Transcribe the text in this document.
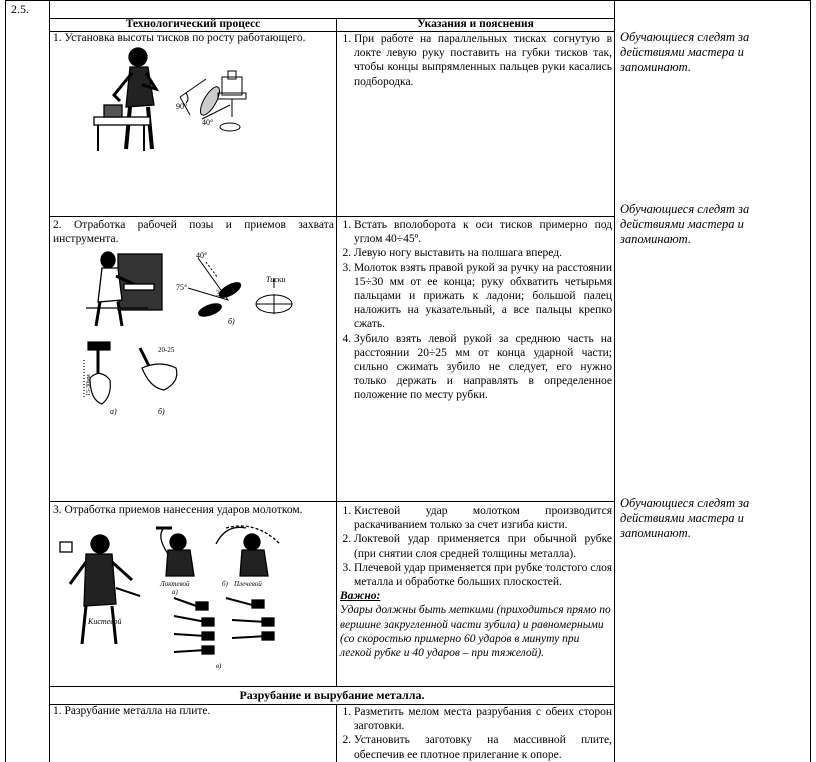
2.5.
Технологический процесс	Указания и пояснения
1. Установка высоты тисков по росту работающего.	1. При работе на параллельных тисках согнутую в локте левую руку поставить на губки тисков так, чтобы концы выпрямленных пальцев руки касались подбородка.
Обучающиеся следят за действиями мастера и запоминают.
90°
40°
2. Отработка рабочей позы и приемов захвата инструмента.
1. Встать вполоборота к оси тисков примерно под углом 40÷45º.
2. Левую ногу выставить на полшага вперед.
3. Молоток взять правой рукой за ручку на расстоянии 15÷30 мм от ее конца; руку обхватить четырьмя пальцами и прижать к ладони; большой палец наложить на указательный, а все пальцы крепко сжать.
4. Зубило взять левой рукой за среднюю часть на расстоянии 20÷25 мм от конца ударной части; сильно сжимать зубило не следует, его нужно только держать и направлять в определенное положение по месту рубки.
Обучающиеся следят за действиями мастера и запоминают.
40°
75°
35°
Тиски
б)
20-25
15-30мм
а)	б)
3. Отработка приемов нанесения ударов молотком.	1. Кистевой удар молотком производится раскачиванием только за счет изгиба кисти.
2. Локтевой удар применяется при обычной рубке (при снятии слоя средней толщины металла).
3. Плечевой удар применяется при рубке толстого слоя металла и обработке больших плоскостей.
Важно:
Удары должны быть меткими (приходиться прямо по вершине закругленной части зубила) и равномерными (со скоростью примерно 60 ударов в минуту при легкой рубке и 40 ударов – при тяжелой).
Обучающиеся следят за действиями мастера и запоминают.
Кистевой
Локтевой	Плечевой
а)
б)
в)
Разрубание и вырубание металла.
1. Разрубание металла на плите.	1. Разметить мелом места разрубания с обеих сторон заготовки.
2. Установить заготовку на массивной плите, обеспечив ее плотное прилегание к опоре.
